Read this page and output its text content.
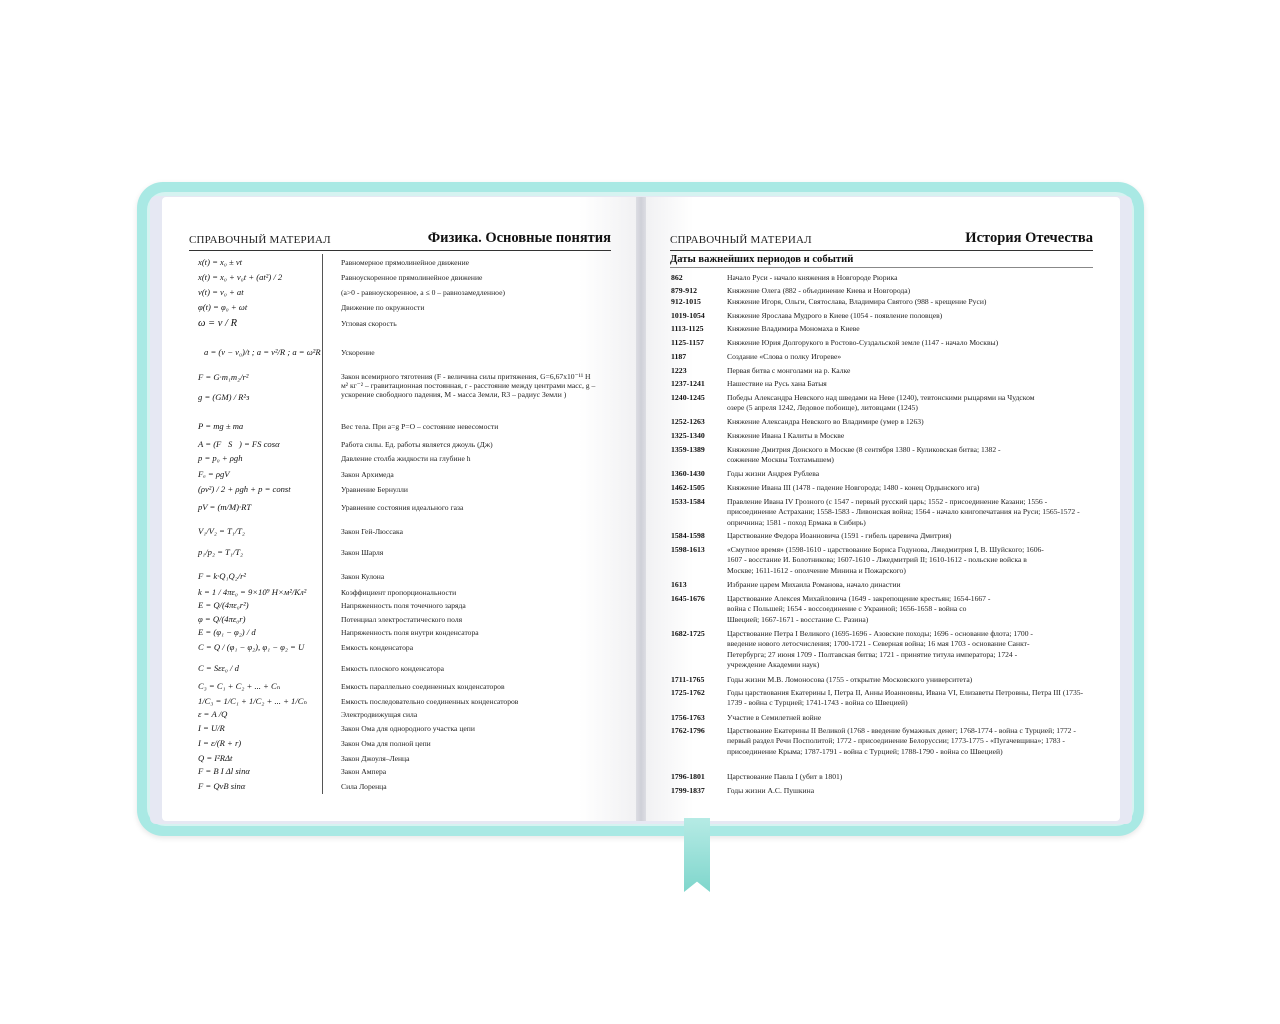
СПРАВОЧНЫЙ МАТЕРИАЛ	Физика. Основные понятия
x(t) = x₀ ± vt	Равномерное прямолинейное движение
x(t) = x₀ + v₀t + (at²) / 2	Равноускоренное прямолинейное движение
v(t) = v₀ + at	(a>0 - равноускоренное, a ≤ 0 – равнозамедленное)
φ(t) = φ₀ + ωt	Движение по окружности
ω = v / R	Угловая скорость
a = (v − v₀)/t ; a = v²/R ; a = ω²R	Ускорение
F = G·m₁m₂/r²	Закон всемирного тяготения (F - величина силы притяжения, G=6,67x10⁻¹¹ Н м² кг⁻² – гравитационная постоянная, r - расстояние между центрами масс, g – ускорение свободного падения, М - масса Земли, R3 – радиус Земли )
g = (GM) / R²з
P = mg ± ma	Вес тела. При a=g P=O – состояние невесомости
A = (F⃗S⃗) = FS cosα	Работа силы. Ед. работы является джоуль (Дж)
p = p₀ + ρgh	Давление столба жидкости на глубине h
Fₐ = ρgV	Закон Архимеда
(ρv²) / 2 + ρgh + p = const	Уравнение Бернулли
pV = (m/M)·RT	Уравнение состояния идеального газа
V₁/V₂ = T₁/T₂	Закон Гей-Люссака
p₁/p₂ = T₁/T₂	Закон Шарля
F = k·Q₁Q₂/r²	Закон Кулона
k = 1 / 4πε₀ = 9×10⁹ Н×м²/Кл²	Коэффициент пропорциональности
E = Q/(4πε₀r²)	Напряженность поля точечного заряда
φ = Q/(4πε₀r)	Потенциал электростатического поля
E = (φ₁ − φ₂) / d	Напряженность поля внутри конденсатора
C = Q / (φ₁ − φ₂), φ₁ − φ₂ = U	Емкость конденсатора
C = Sεε₀ / d	Емкость плоского конденсатора
C₃ = C₁ + C₂ + ... + Cₙ	Емкость параллельно соединенных конденсаторов
1/C₃ = 1/C₁ + 1/C₂ + ... + 1/Cₙ	Емкость последовательно соединенных конденсаторов
ε = A /Q	Электродвижущая сила
I = U/R	Закон Ома для однородного участка цепи
I = ε/(R + r)	Закон Ома для полной цепи
Q = I²RΔt	Закон Джоуля–Ленца
F = B I Δl sinα	Закон Ампера
F = QvB sinα	Сила Лоренца
СПРАВОЧНЫЙ МАТЕРИАЛ	История Отечества
Даты важнейших периодов и событий
862	Начало Руси - начало княжения в Новгороде Рюрика
879-912	Княжение Олега (882 - объединение Киева и Новгорода)
912-1015	Княжение Игоря, Ольги, Святослава, Владимира Святого (988 - крещение Руси)
1019-1054	Княжение Ярослава Мудрого в Киеве (1054 - появление половцев)
1113-1125	Княжение Владимира Мономаха в Киеве
1125-1157	Княжение Юрия Долгорукого в Ростово-Суздальской земле (1147 - начало Москвы)
1187	Создание «Слова о полку Игореве»
1223	Первая битва с монголами на р. Калке
1237-1241	Нашествие на Русь хана Батыя
1240-1245	Победы Александра Невского над шведами на Неве (1240), тевтонскими рыцарями на Чудском озере (5 апреля 1242, Ледовое побоище), литовцами (1245)
1252-1263	Княжение Александра Невского во Владимире (умер в 1263)
1325-1340	Княжение Ивана I Калиты в Москве
1359-1389	Княжение Дмитрия Донского в Москве (8 сентября 1380 - Куликовская битва; 1382 - сожжение Москвы Тохтамышем)
1360-1430	Годы жизни Андрея Рублева
1462-1505	Княжение Ивана III (1478 - падение Новгорода; 1480 - конец Ордынского ига)
1533-1584	Правление Ивана IV Грозного (с 1547 - первый русский царь; 1552 - присоединение Казани; 1556 - присоединение Астрахани; 1558-1583 - Ливонская война; 1564 - начало книгопечатания на Руси; 1565-1572 - опричнина; 1581 - поход Ермака в Сибирь)
1584-1598	Царствование Федора Иоанновича (1591 - гибель царевича Дмитрия)
1598-1613	«Смутное время» (1598-1610 - царствование Бориса Годунова, Лжедмитрия I, В. Шуйского; 1606-1607 - восстание И. Болотникова; 1607-1610 - Лжедмитрий II; 1610-1612 - польские войска в Москве; 1611-1612 - ополчение Минина и Пожарского)
1613	Избрание царем Михаила Романова, начало династии
1645-1676	Царствование Алексея Михайловича (1649 - закрепощение крестьян; 1654-1667 - война с Польшей; 1654 - воссоединение с Украиной; 1656-1658 - война со Швецией; 1667-1671 - восстание С. Разина)
1682-1725	Царствование Петра I Великого (1695-1696 - Азовские походы; 1696 - основание флота; 1700 - введение нового летосчисления; 1700-1721 - Северная война; 16 мая 1703 - основание Санкт-Петербурга; 27 июня 1709 - Полтавская битва; 1721 - принятие титула императора; 1724 - учреждение Академии наук)
1711-1765	Годы жизни М.В. Ломоносова (1755 - открытие Московского университета)
1725-1762	Годы царствования Екатерины I, Петра II, Анны Иоанновны, Ивана VI, Елизаветы Петровны, Петра III (1735-1739 - война с Турцией; 1741-1743 - война со Швецией)
1756-1763	Участие в Семилетней войне
1762-1796	Царствование Екатерины II Великой (1768 - введение бумажных денег; 1768-1774 - война с Турцией; 1772 - первый раздел Речи Посполитой; 1772 - присоединение Белоруссии; 1773-1775 - «Пугачевщина»; 1783 - присоединение Крыма; 1787-1791 - война с Турцией; 1788-1790 - война со Швецией)
1796-1801	Царствование Павла I (убит в 1801)
1799-1837	Годы жизни А.С. Пушкина
